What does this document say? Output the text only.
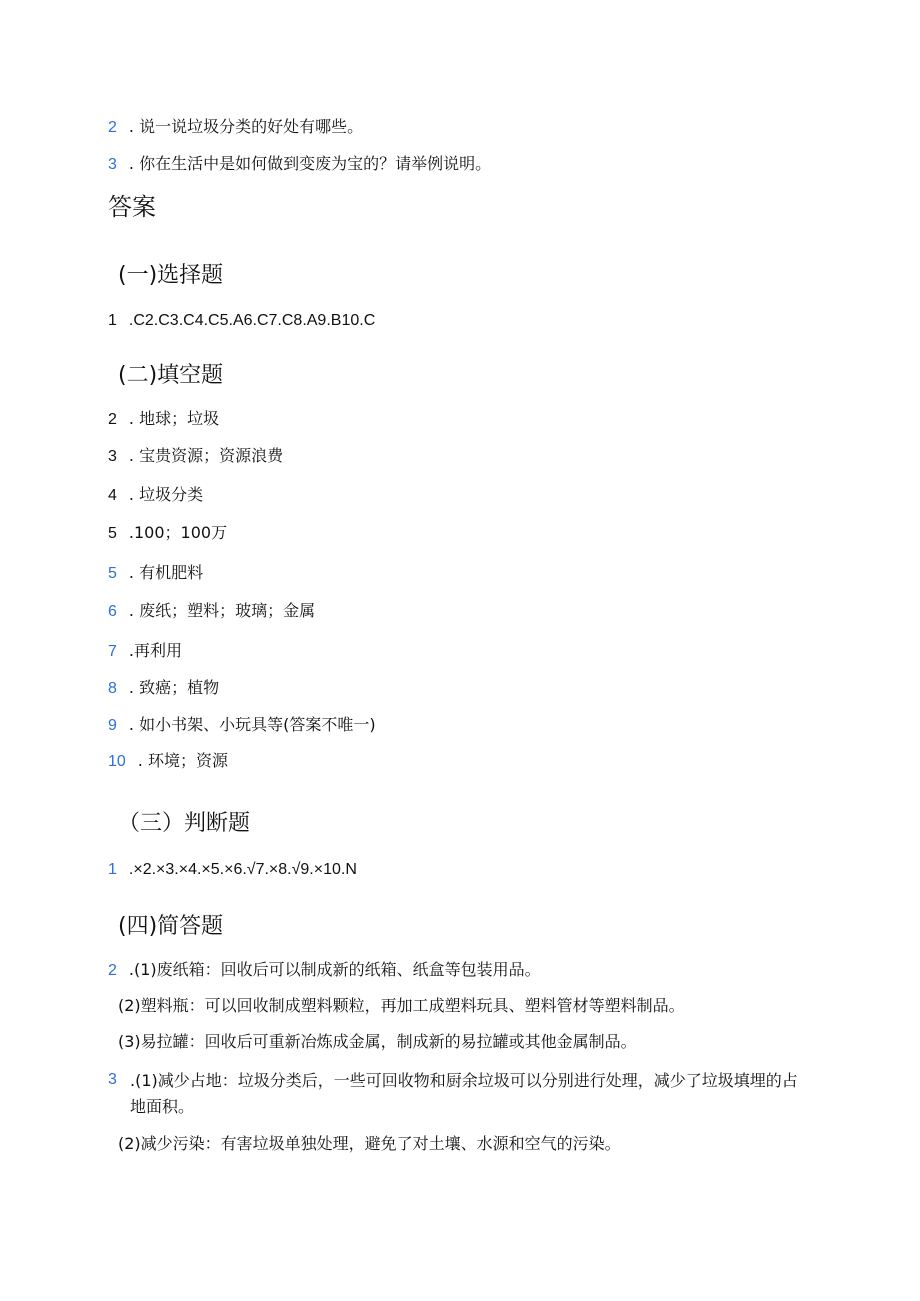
2 . 说一说垃圾分类的好处有哪些。
3 . 你在生活中是如何做到变废为宝的？请举例说明。
答案
(一)选择题
1 .C2.C3.C4.C5.A6.C7.C8.A9.B10.C
(二)填空题
2 . 地球；垃圾
3 . 宝贵资源；资源浪费
4 . 垃圾分类
5 .100；100万
5 . 有机肥料
6 . 废纸；塑料；玻璃；金属
7 .再利用
8 . 致癌；植物
9 . 如小书架、小玩具等(答案不唯一)
10 . 环境；资源
（三）判断题
1 .×2.×3.×4.×5.×6.√7.×8.√9.×10.N
(四)简答题
2 .(1)废纸箱：回收后可以制成新的纸箱、纸盒等包装用品。
(2)塑料瓶：可以回收制成塑料颗粒，再加工成塑料玩具、塑料管材等塑料制品。
(3)易拉罐：回收后可重新冶炼成金属，制成新的易拉罐或其他金属制品。
3 .(1)减少占地：垃圾分类后，一些可回收物和厨余垃圾可以分别进行处理，减少了垃圾填埋的占地面积。
(2)减少污染：有害垃圾单独处理，避免了对土壤、水源和空气的污染。
